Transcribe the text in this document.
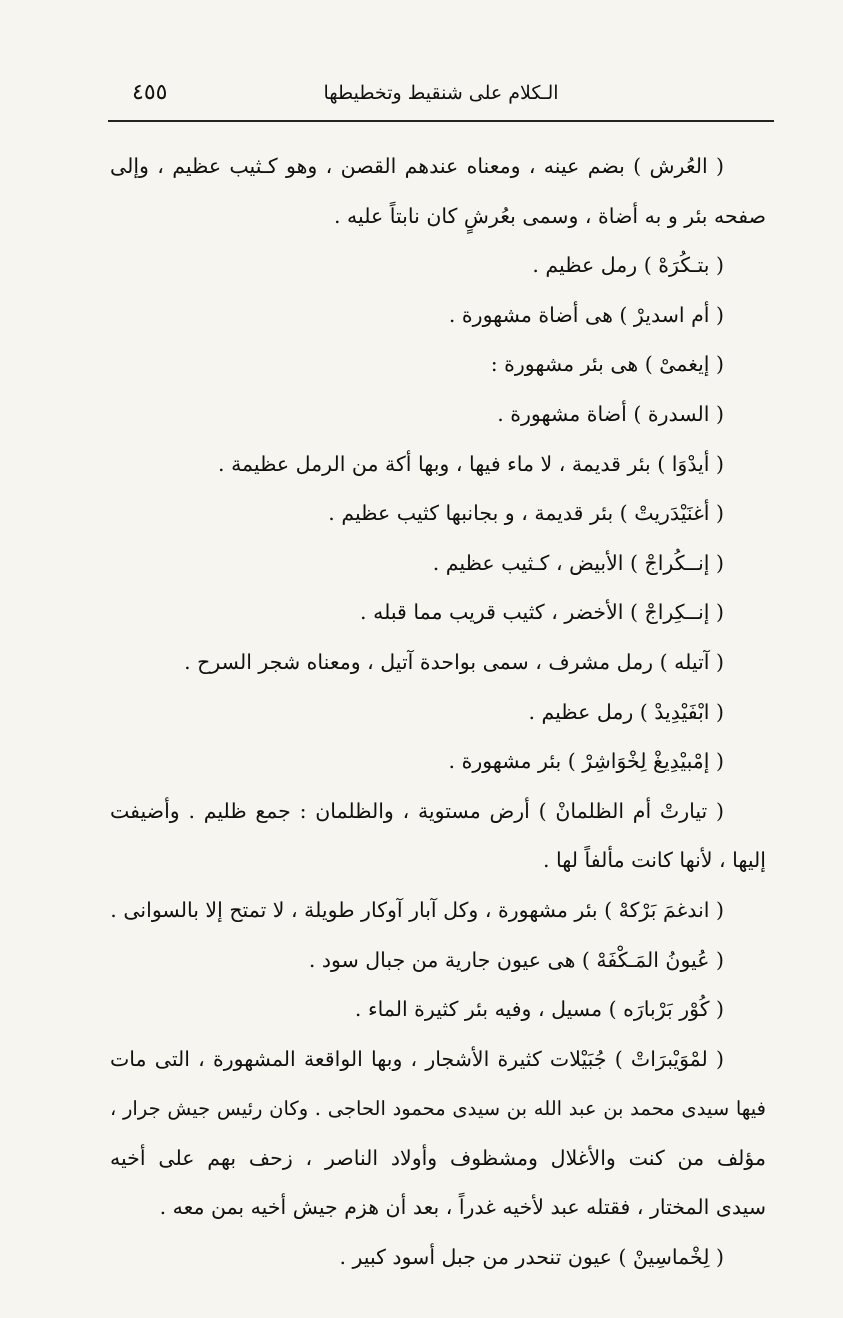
الـكلام على شنقيط وتخطيطها
٤٥٥
( العُرش ) بضم عينه ، ومعناه عندهم القصن ، وهو كـثيب عظيم ، وإلى
صفحه بئر و به أضاة ، وسمى بعُرشٍ كان نابتاً عليه .
( بتـكُرَهْ ) رمل عظيم .
( أم اسديرْ ) هى أضاة مشهورة .
( إيغمىْ ) هى بئر مشهورة :
( السدرة ) أضاة مشهورة .
( أيدْوَا ) بئر قديمة ، لا ماء فيها ، وبها أكة من الرمل عظيمة .
( أغنَيْدَريتْ ) بئر قديمة ، و بجانبها كثيب عظيم .
( إنــكُراجْ ) الأبيض ، كـثيب عظيم .
( إنــكِراجْ ) الأخضر ، كثيب قريب مما قبله .
( آتيله ) رمل مشرف ، سمى بواحدة آتيل ، ومعناه شجر السرح .
( ابْفَيْدِيدْ ) رمل عظيم .
( إمْبيْدِيغْ لِخْوَاشِرْ ) بئر مشهورة .
( تيارتْ أم الظلمانْ ) أرض مستوية ، والظلمان : جمع ظليم . وأضيفت
إليها ، لأنها كانت مألفاً لها .
( اندغمَ بَرْكهْ ) بئر مشهورة ، وكل آبار آوكار طويلة ، لا تمتح إلا بالسوانى .
( عُيونُ المَـكْفَهْ ) هى عيون جارية من جبال سود .
( كُوْر بَرْبارَه ) مسيل ، وفيه بئر كثيرة الماء .
( لمْوَيْبرَاتْ ) جُبَيْلات كثيرة الأشجار ، وبها الواقعة المشهورة ، التى مات
فيها سيدى محمد بن عبد الله بن سيدى محمود الحاجى . وكان رئيس جيش جرار ،
مؤلف من كنت والأغلال ومشظوف وأولاد الناصر ، زحف بهم على أخيه
سيدى المختار ، فقتله عبد لأخيه غدراً ، بعد أن هزم جيش أخيه بمن معه .
( لِخْماسِينْ ) عيون تنحدر من جبل أسود كبير .
